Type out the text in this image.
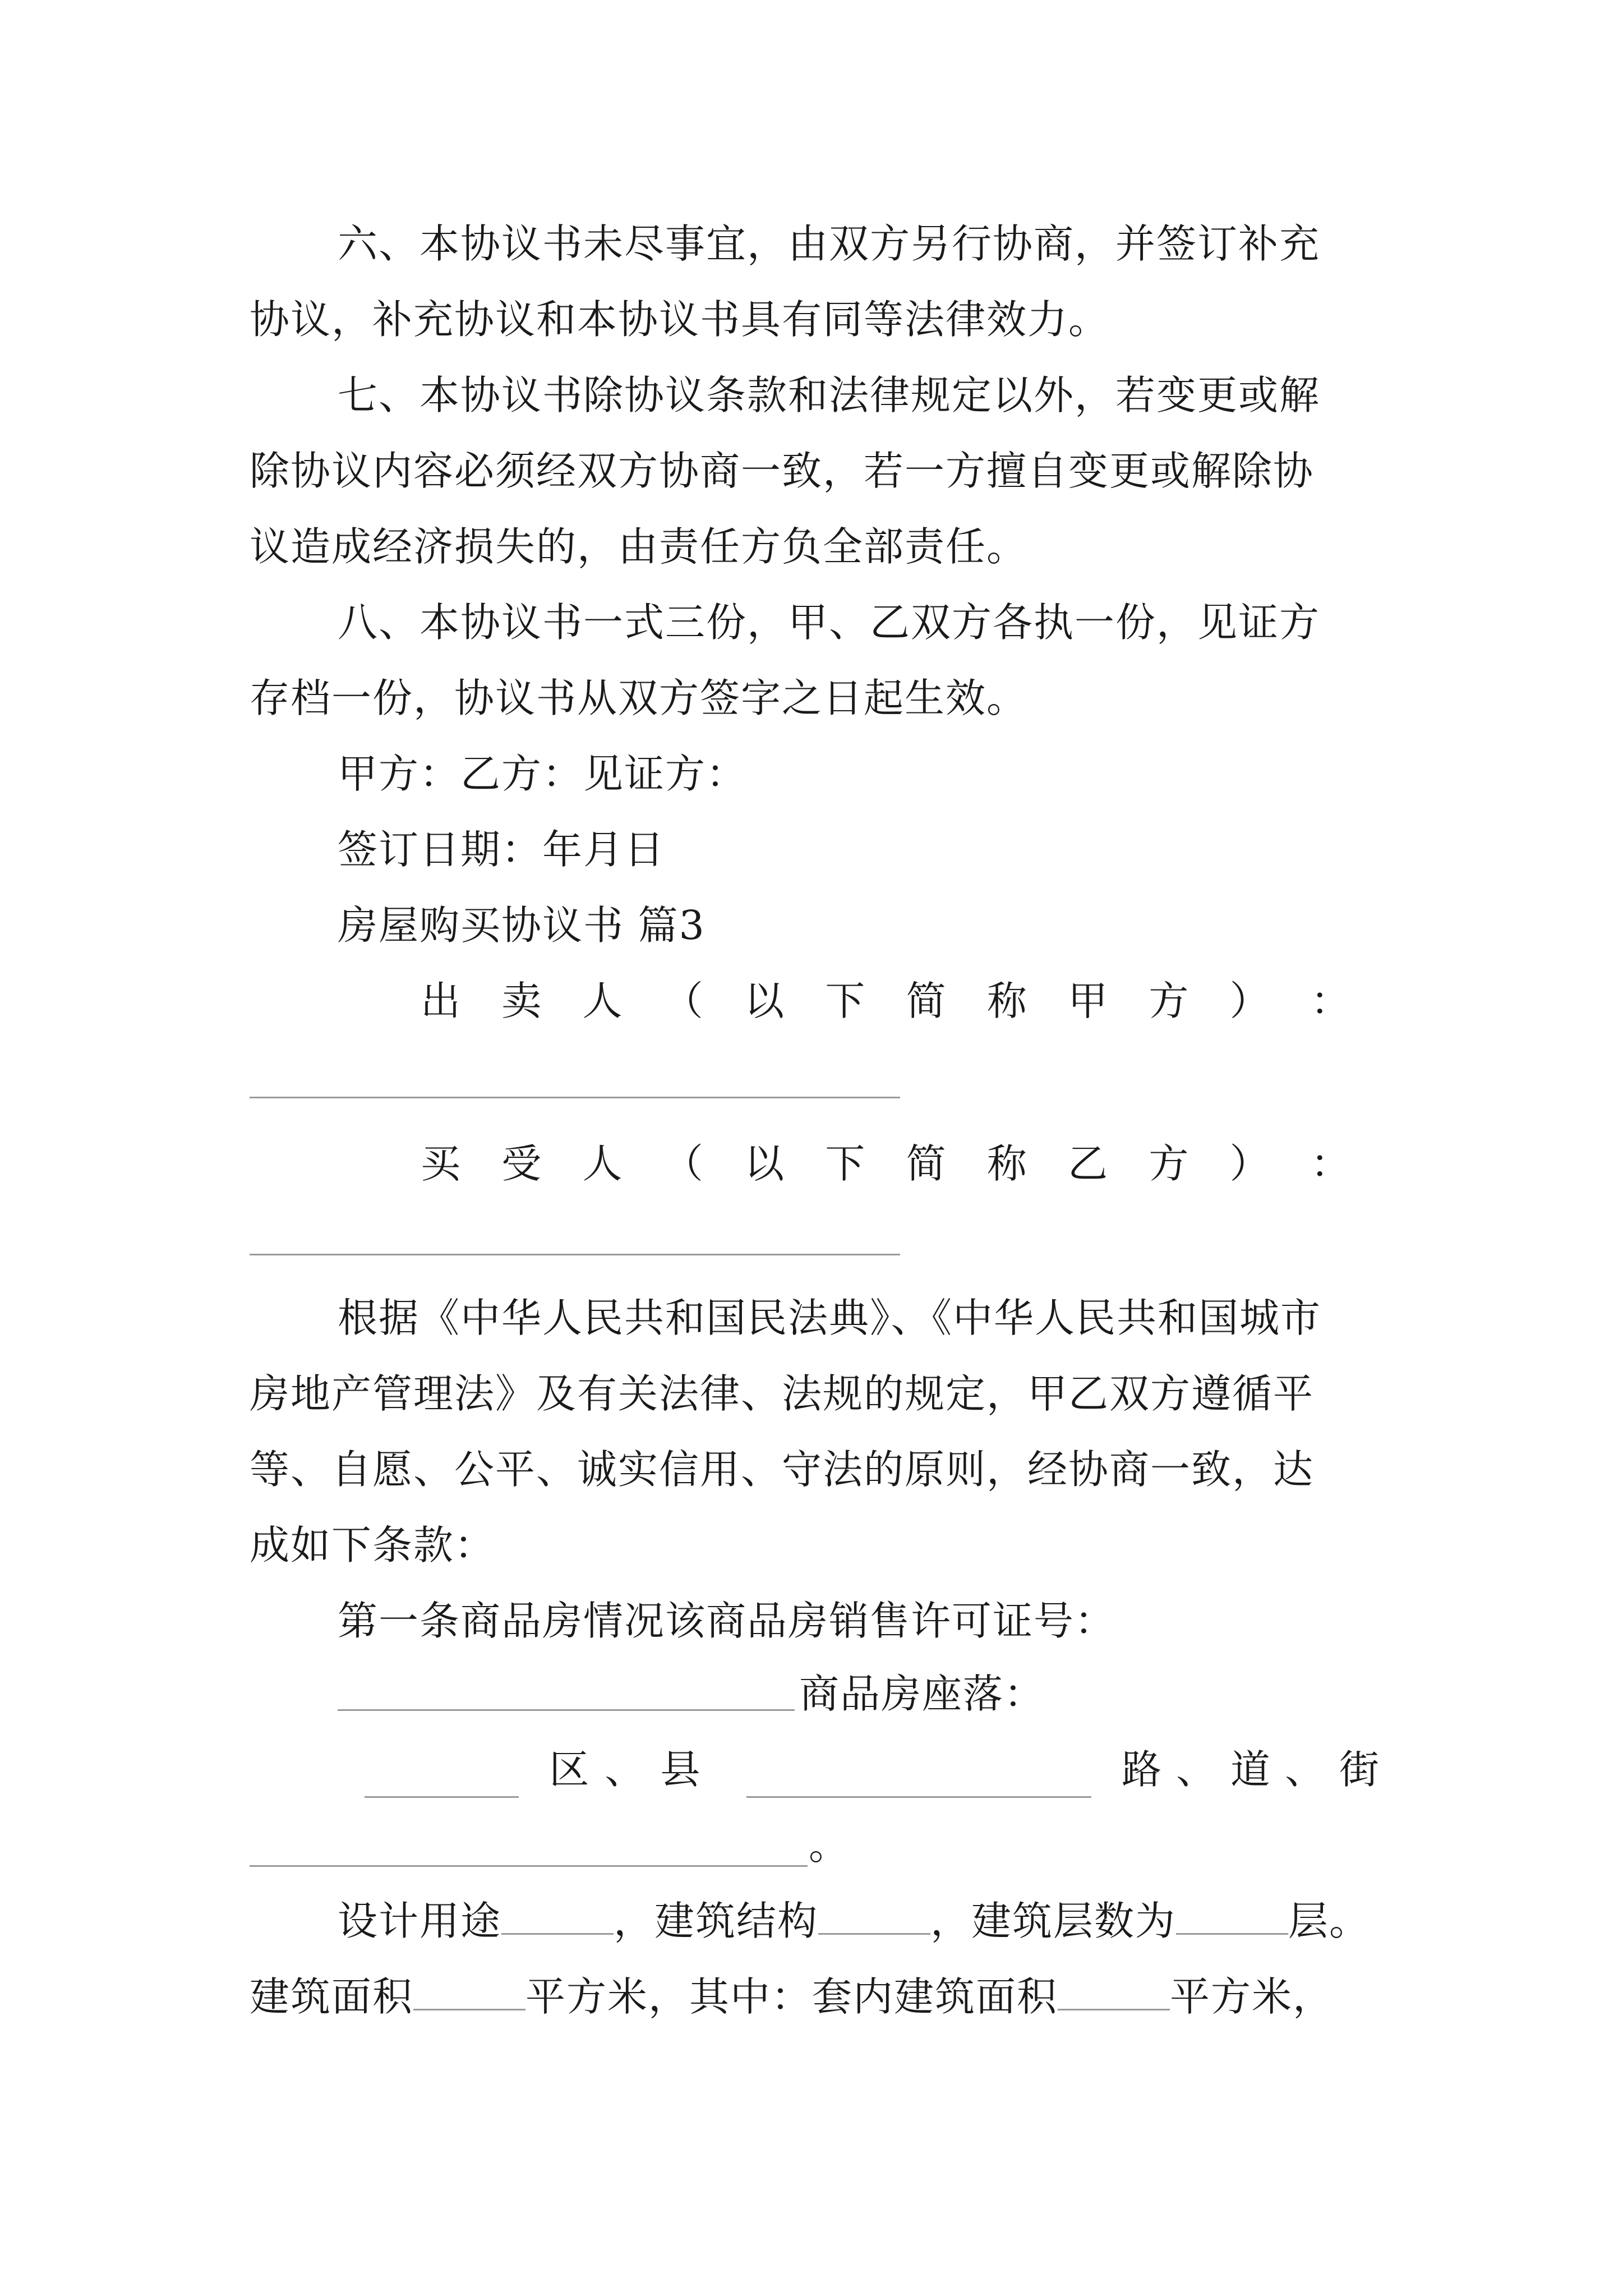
六、本协议书未尽事宜，由双方另行协商，并签订补充
协议，补充协议和本协议书具有同等法律效力。
七、本协议书除协议条款和法律规定以外，若变更或解
除协议内容必须经双方协商一致，若一方擅自变更或解除协
议造成经济损失的，由责任方负全部责任。
八、本协议书一式三份，甲、乙双方各执一份，见证方
存档一份，协议书从双方签字之日起生效。
甲方：乙方：见证方：
签订日期：年月日
房屋购买协议书 篇3
出 卖 人 （ 以 下 简 称 甲 方 ） ：
买 受 人 （ 以 下 简 称 乙 方 ） ：
根据《中华人民共和国民法典》、《中华人民共和国城市
房地产管理法》及有关法律、法规的规定，甲乙双方遵循平
等、自愿、公平、诚实信用、守法的原则，经协商一致，达
成如下条款：
第一条商品房情况该商品房销售许可证号：
商品房座落：
区、县	路、道、街
。
设计用途	，建筑结构	，建筑层数为	层。
建筑面积	平方米，其中：套内建筑面积	平方米，
